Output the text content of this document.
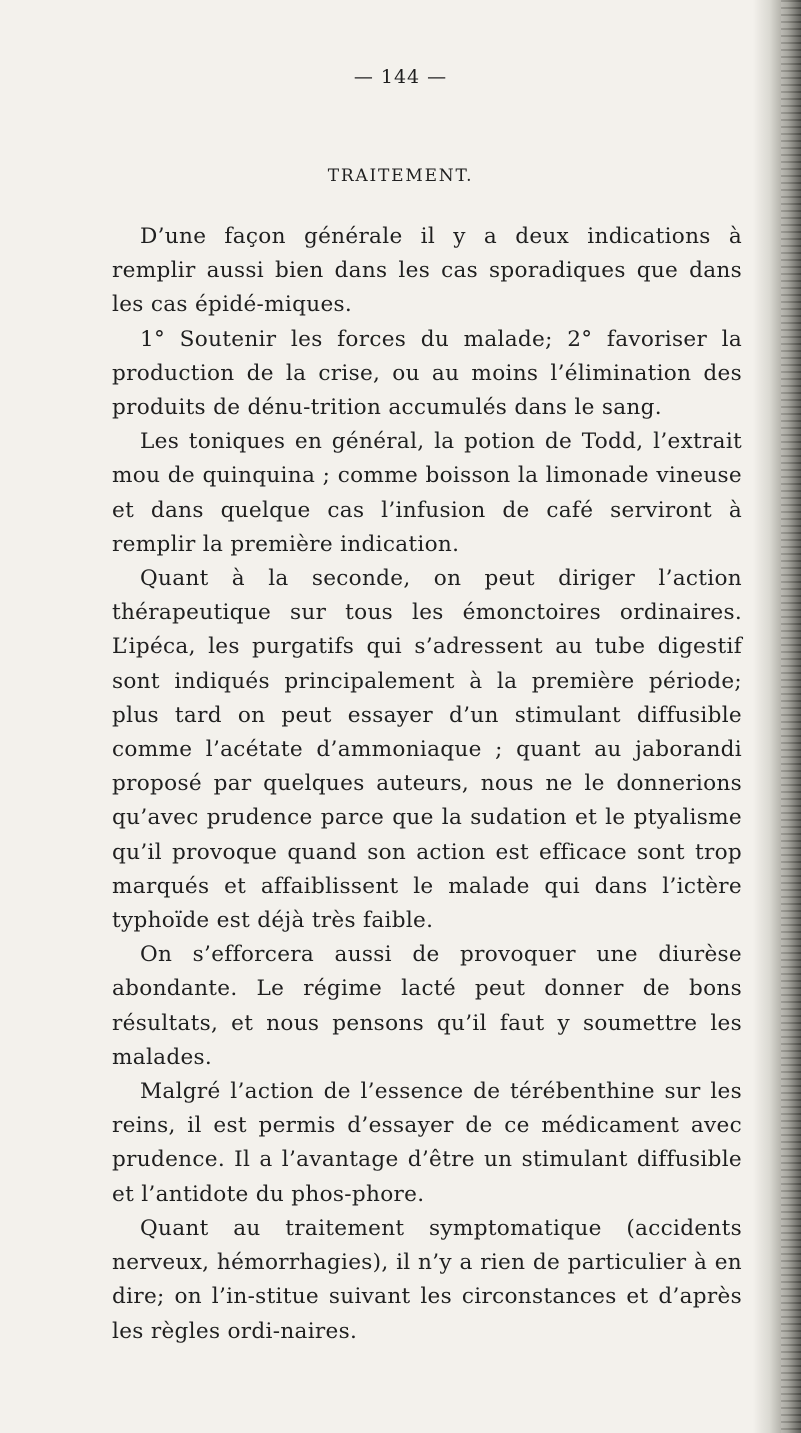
— 144 —
TRAITEMENT.

D’une façon générale il y a deux indications à remplir aussi bien dans les cas sporadiques que dans les cas épidé-miques.

1° Soutenir les forces du malade; 2° favoriser la production de la crise, ou au moins l’élimination des produits de dénu-trition accumulés dans le sang.

Les toniques en général, la potion de Todd, l’extrait mou de quinquina ; comme boisson la limonade vineuse et dans quelque cas l’infusion de café serviront à remplir la première indication.

Quant à la seconde, on peut diriger l’action thérapeutique sur tous les émonctoires ordinaires. L’ipéca, les purgatifs qui s’adressent au tube digestif sont indiqués principalement à la première période; plus tard on peut essayer d’un stimulant diffusible comme l’acétate d’ammoniaque ; quant au jaborandi proposé par quelques auteurs, nous ne le donnerions qu’avec prudence parce que la sudation et le ptyalisme qu’il provoque quand son action est efficace sont trop marqués et affaiblissent le malade qui dans l’ictère typhoïde est déjà très faible.

On s’efforcera aussi de provoquer une diurèse abondante. Le régime lacté peut donner de bons résultats, et nous pensons qu’il faut y soumettre les malades.

Malgré l’action de l’essence de térébenthine sur les reins, il est permis d’essayer de ce médicament avec prudence. Il a l’avantage d’être un stimulant diffusible et l’antidote du phos-phore.

Quant au traitement symptomatique (accidents nerveux, hémorrhagies), il n’y a rien de particulier à en dire; on l’in-stitue suivant les circonstances et d’après les règles ordi-naires.
